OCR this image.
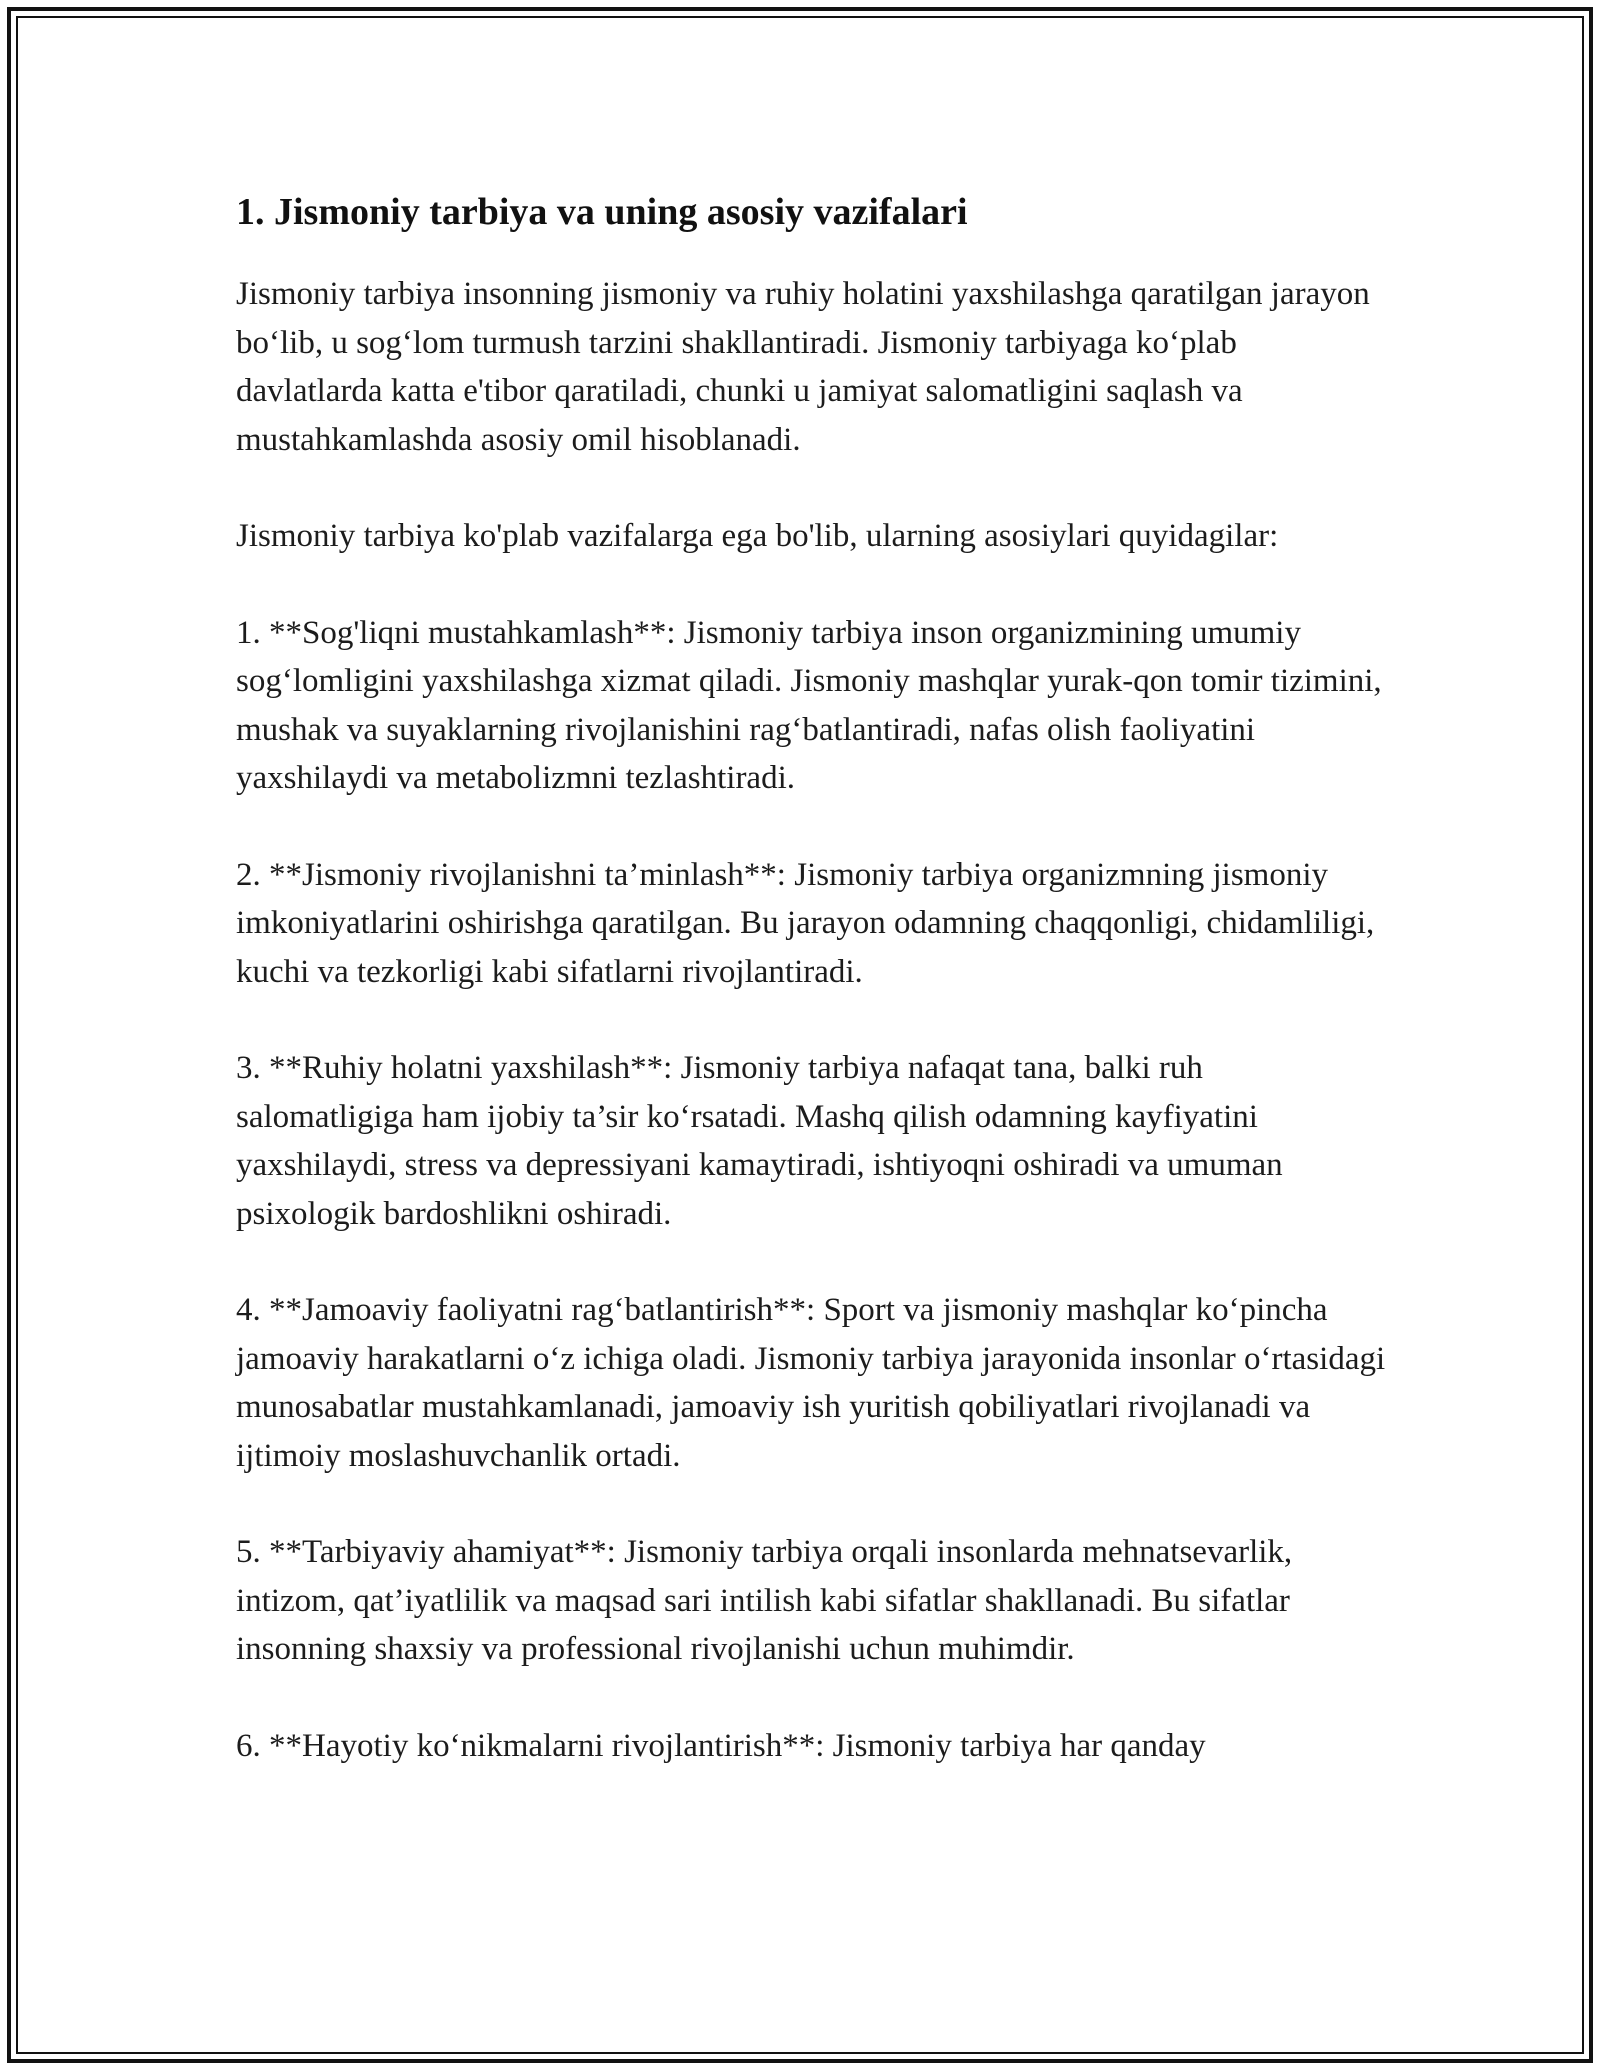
1. Jismoniy tarbiya va uning asosiy vazifalari

Jismoniy tarbiya insonning jismoniy va ruhiy holatini yaxshilashga qaratilgan jarayon bo‘lib, u sog‘lom turmush tarzini shakllantiradi. Jismoniy tarbiyaga ko‘plab davlatlarda katta e'tibor qaratiladi, chunki u jamiyat salomatligini saqlash va mustahkamlashda asosiy omil hisoblanadi.

Jismoniy tarbiya ko'plab vazifalarga ega bo'lib, ularning asosiylari quyidagilar:

1. **Sog'liqni mustahkamlash**: Jismoniy tarbiya inson organizmining umumiy sog‘lomligini yaxshilashga xizmat qiladi. Jismoniy mashqlar yurak-qon tomir tizimini, mushak va suyaklarning rivojlanishini rag‘batlantiradi, nafas olish faoliyatini yaxshilaydi va metabolizmni tezlashtiradi.

2. **Jismoniy rivojlanishni ta’minlash**: Jismoniy tarbiya organizmning jismoniy imkoniyatlarini oshirishga qaratilgan. Bu jarayon odamning chaqqonligi, chidamliligi, kuchi va tezkorligi kabi sifatlarni rivojlantiradi.

3. **Ruhiy holatni yaxshilash**: Jismoniy tarbiya nafaqat tana, balki ruh salomatligiga ham ijobiy ta’sir ko‘rsatadi. Mashq qilish odamning kayfiyatini yaxshilaydi, stress va depressiyani kamaytiradi, ishtiyoqni oshiradi va umuman psixologik bardoshlikni oshiradi.

4. **Jamoaviy faoliyatni rag‘batlantirish**: Sport va jismoniy mashqlar ko‘pincha jamoaviy harakatlarni o‘z ichiga oladi. Jismoniy tarbiya jarayonida insonlar o‘rtasidagi munosabatlar mustahkamlanadi, jamoaviy ish yuritish qobiliyatlari rivojlanadi va ijtimoiy moslashuvchanlik ortadi.

5. **Tarbiyaviy ahamiyat**: Jismoniy tarbiya orqali insonlarda mehnatsevarlik, intizom, qat’iyatlilik va maqsad sari intilish kabi sifatlar shakllanadi. Bu sifatlar insonning shaxsiy va professional rivojlanishi uchun muhimdir.

6. **Hayotiy ko‘nikmalarni rivojlantirish**: Jismoniy tarbiya har qanday
